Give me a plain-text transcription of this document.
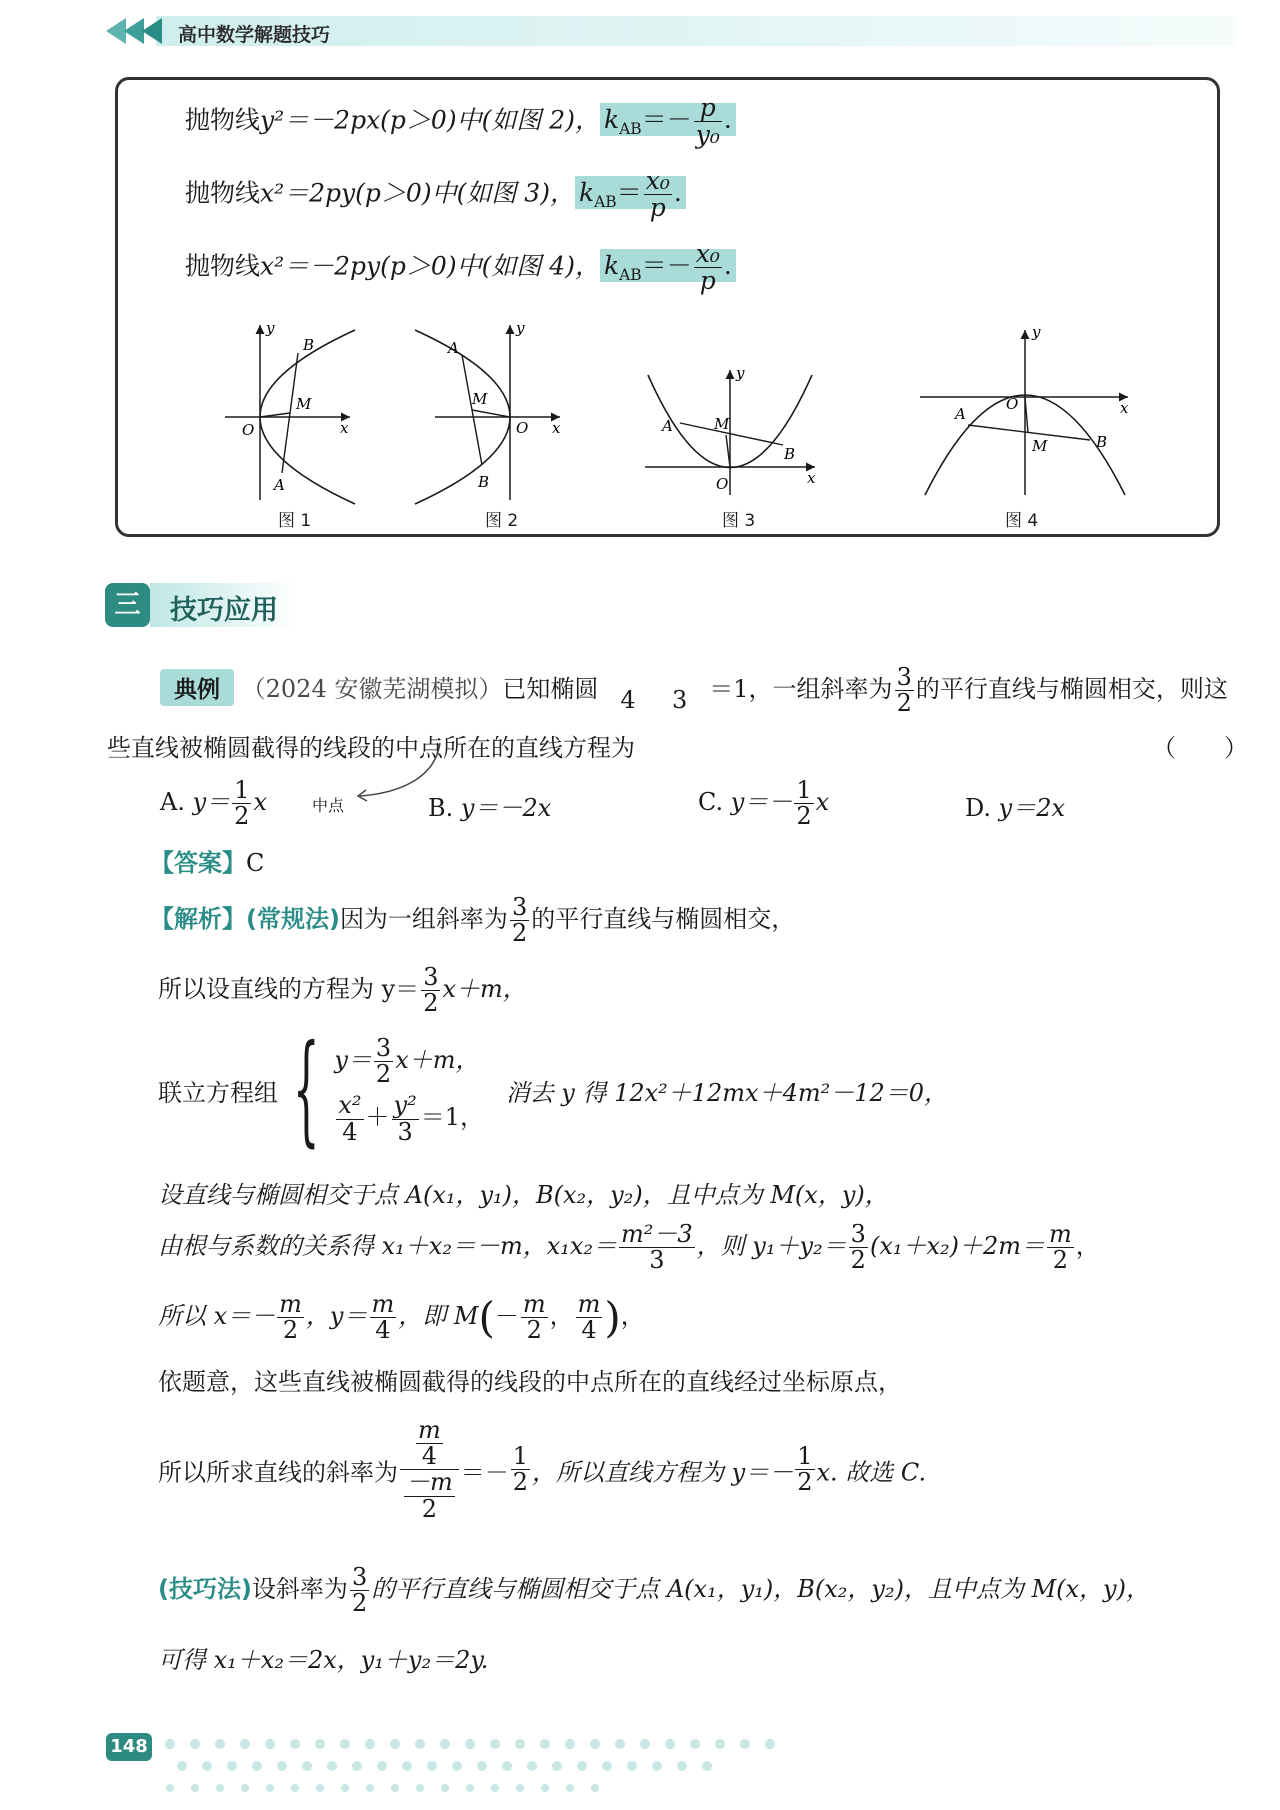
高中数学解题技巧
抛物线y²＝－2px(p＞0)中(如图 2)， $k_{AB}=- \frac{p}{\text{y₀}}$ .
抛物线x²＝2py(p＞0)中(如图 3)， $k_{AB}= \frac{\text{x₀}}{p}$ .
抛物线x²＝－2py(p＞0)中(如图 4)， $k_{AB}=- \frac{\text{x₀}}{p}$ .
B
M
A
O	x
y
A
M
B
O x
y
A	M
B
O	x
y
A
M	B
O	x
y
图 1	图 2	图 3	图 4
三	技巧应用
典例 （2024 安徽芜湖模拟）已知椭圆 4
	3 ＝1，一组斜率为 $\frac{3}{2}$ 的平行直线与椭圆相交，则这
些直线被椭圆截得的线段的中点所在的直线方程为	（　　）
A. $y= \frac{1}{2}$ x	中点	B. y＝－2x	C. $y=- \frac{1}{2}$ x	D. y＝2x
【答案】C
【解析】(常规法)因为一组斜率为 $\frac{3}{2}$ 的平行直线与椭圆相交，
所以设直线的方程为 $y= \frac{3}{2} x+m$，
联立方程组 { $y= \frac{3}{2} x+m$，
$\frac{\text{x²}}{4} + \frac{\text{y²}}{3} =1$，
消去 y 得 12x²＋12mx＋4m²－12＝0，
设直线与椭圆相交于点 A(x₁，y₁)，B(x₂，y₂)，且中点为 M(x，y)，
由根与系数的关系得 x₁＋x₂＝－m，$x_1x_2= \frac{\text{m²－3}}{3}$ ，则 $y_1+y_2= \frac{3}{2} (x_1+x_2)+2m= \frac{m}{2}$ ，
所以 $x=- \frac{m}{2}$ ，$y= \frac{m}{4}$ ，即 $M(- \frac{m}{2}$ ， $\frac{m}{4}$ )，
依题意，这些直线被椭圆截得的线段的中点所在的直线经过坐标原点，
所以所求直线的斜率为 $\frac{\frac{m}{4}}{\frac{-m}{2}} =- \frac{1}{2}$ ，所以直线方程为 $y=- \frac{1}{2} x$. 故选 C.
(技巧法)设斜率为 $\frac{3}{2}$ 的平行直线与椭圆相交于点 A(x₁，y₁)，B(x₂，y₂)，且中点为 M(x，y)，
可得 x₁＋x₂＝2x，y₁＋y₂＝2y.
148
